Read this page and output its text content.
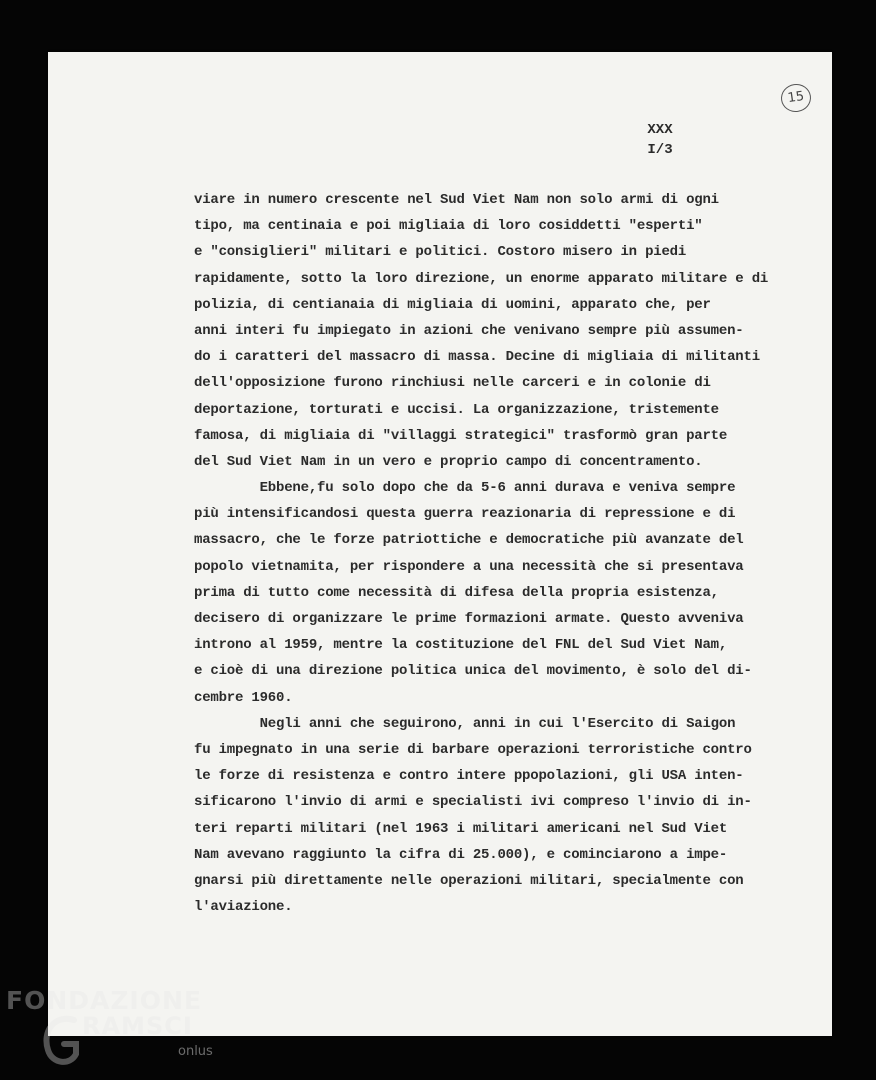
15
XXX
I/3
viare in numero crescente nel Sud Viet Nam non solo armi di ogni
tipo, ma centinaia e poi migliaia di loro cosiddetti "esperti"
e "consiglieri" militari e politici. Costoro misero in piedi
rapidamente, sotto la loro direzione, un enorme apparato militare e di
polizia, di centianaia di migliaia di uomini, apparato che, per
anni interi fu impiegato in azioni che venivano sempre più assumen-
do i caratteri del massacro di massa. Decine di migliaia di militanti
dell'opposizione furono rinchiusi nelle carceri e in colonie di
deportazione, torturati e uccisi. La organizzazione, tristemente
famosa, di migliaia di "villaggi strategici" trasformò gran parte
del Sud Viet Nam in un vero e proprio campo di concentramento.
Ebbene,fu solo dopo che da 5-6 anni durava e veniva sempre
più intensificandosi questa guerra reazionaria di repressione e di
massacro, che le forze patriottiche e democratiche più avanzate del
popolo vietnamita, per rispondere a una necessità che si presentava
prima di tutto come necessità di difesa della propria esistenza,
decisero di organizzare le prime formazioni armate. Questo avveniva
introno al 1959, mentre la costituzione del FNL del Sud Viet Nam,
e cioè di una direzione politica unica del movimento, è solo del di-
cembre 1960.
Negli anni che seguirono, anni in cui l'Esercito di Saigon
fu impegnato in una serie di barbare operazioni terroristiche contro
le forze di resistenza e contro intere ppopolazioni, gli USA inten-
sificarono l'invio di armi e specialisti ivi compreso l'invio di in-
teri reparti militari (nel 1963 i militari americani nel Sud Viet
Nam avevano raggiunto la cifra di 25.000), e cominciarono a impe-
gnarsi più direttamente nelle operazioni militari, specialmente con
l'aviazione.
FONDAZIONE
RAMSCI
onlus
